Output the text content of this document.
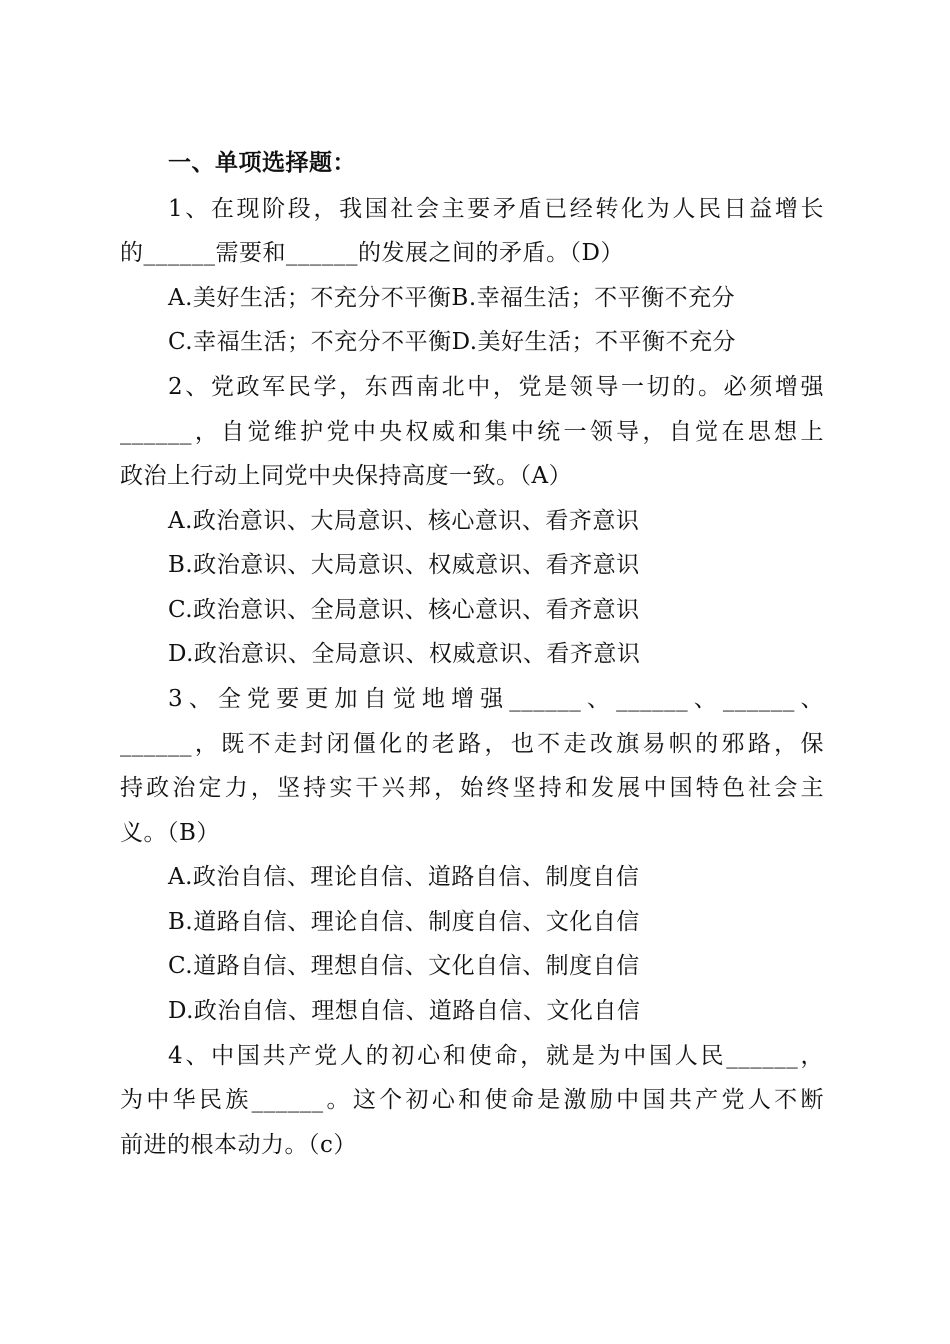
一、单项选择题：
1、在现阶段，我国社会主要矛盾已经转化为人民日益增长
的______需要和______的发展之间的矛盾。（D）
A.美好生活；不充分不平衡B.幸福生活；不平衡不充分
C.幸福生活；不充分不平衡D.美好生活；不平衡不充分
2、党政军民学，东西南北中，党是领导一切的。必须增强
______，自觉维护党中央权威和集中统一领导，自觉在思想上
政治上行动上同党中央保持高度一致。（A）
A.政治意识、大局意识、核心意识、看齐意识
B.政治意识、大局意识、权威意识、看齐意识
C.政治意识、全局意识、核心意识、看齐意识
D.政治意识、全局意识、权威意识、看齐意识
3、全党要更加自觉地增强______、______、______、
______，既不走封闭僵化的老路，也不走改旗易帜的邪路，保
持政治定力，坚持实干兴邦，始终坚持和发展中国特色社会主
义。（B）
A.政治自信、理论自信、道路自信、制度自信
B.道路自信、理论自信、制度自信、文化自信
C.道路自信、理想自信、文化自信、制度自信
D.政治自信、理想自信、道路自信、文化自信
4、中国共产党人的初心和使命，就是为中国人民______，
为中华民族______。这个初心和使命是激励中国共产党人不断
前进的根本动力。（c）
